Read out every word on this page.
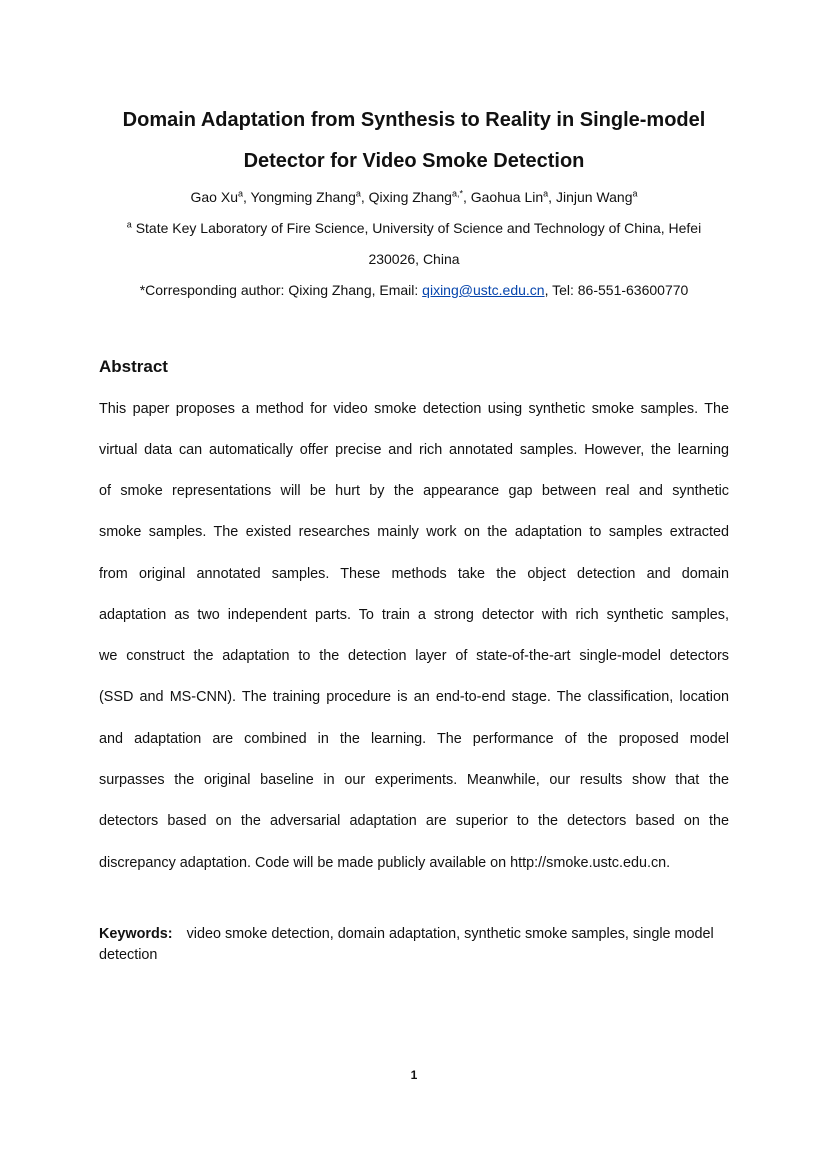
Domain Adaptation from Synthesis to Reality in Single-model
Detector for Video Smoke Detection

Gao Xu$^a$, Yongming Zhang$^a$, Qixing Zhang$^{a,*}$, Gaohua Lin$^a$, Jinjun Wang$^a$

$^a$ State Key Laboratory of Fire Science, University of Science and Technology of China, Hefei

230026, China

*Corresponding author: Qixing Zhang, Email: qixing@ustc.edu.cn, Tel: 86-551-63600770

Abstract

This paper proposes a method for video smoke detection using synthetic smoke samples. The

virtual data can automatically offer precise and rich annotated samples. However, the learning

of smoke representations will be hurt by the appearance gap between real and synthetic

smoke samples. The existed researches mainly work on the adaptation to samples extracted

from original annotated samples. These methods take the object detection and domain

adaptation as two independent parts. To train a strong detector with rich synthetic samples,

we construct the adaptation to the detection layer of state-of-the-art single-model detectors

(SSD and MS-CNN). The training procedure is an end-to-end stage. The classification, location

and adaptation are combined in the learning. The performance of the proposed model

surpasses the original baseline in our experiments. Meanwhile, our results show that the

detectors based on the adversarial adaptation are superior to the detectors based on the

discrepancy adaptation. Code will be made publicly available on http://smoke.ustc.edu.cn.

Keywords: video smoke detection, domain adaptation, synthetic smoke samples, single model detection

1
